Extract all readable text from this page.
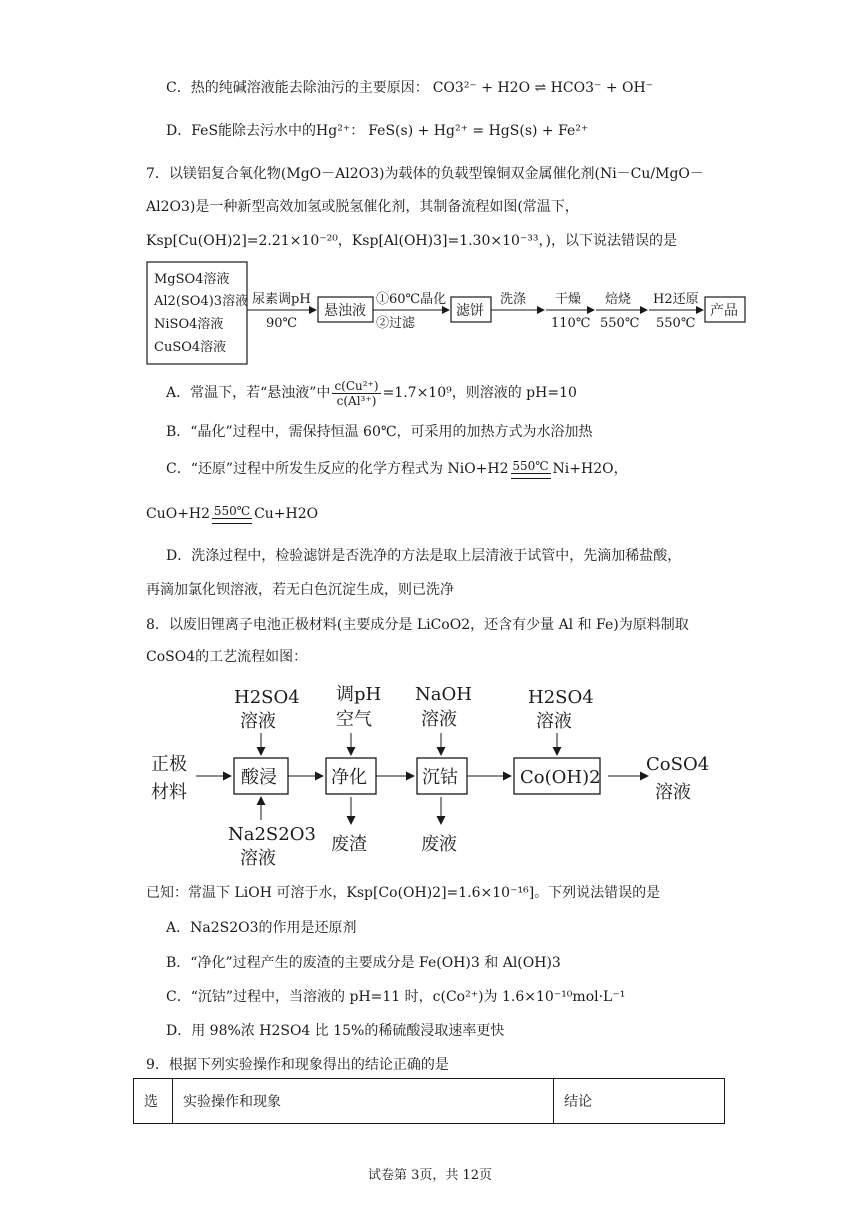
C．热的纯碱溶液能去除油污的主要原因： CO3²⁻ + H2O ⇌ HCO3⁻ + OH⁻
D．FeS能除去污水中的Hg²⁺： FeS(s) + Hg²⁺ = HgS(s) + Fe²⁺
7．以镁铝复合氧化物(MgO－Al2O3)为载体的负载型镍铜双金属催化剂(Ni－Cu/MgO－
Al2O3)是一种新型高效加氢或脱氢催化剂，其制备流程如图(常温下，
Ksp[Cu(OH)2]=2.21×10⁻²⁰，Ksp[Al(OH)3]=1.30×10⁻³³，)，以下说法错误的是
MgSO4溶液
Al2(SO4)3溶液
NiSO4溶液
CuSO4溶液
尿素调pH
90℃
悬浊液
①60℃晶化
②过滤
滤饼
洗涤 干燥
110℃
焙烧
550℃
H2还原
550℃
产品
A．常温下，若“悬浊液”中 $\frac{\text{c(Cu²⁺)}}{\text{c(Al³⁺)}} =1.7\times 10^9$，则溶液的 pH=10
B．“晶化”过程中，需保持恒温 60℃，可采用的加热方式为水浴加热
C．“还原”过程中所发生反应的化学方程式为 NiO+H2 550℃ Ni+H2O，
CuO+H2 550℃ Cu+H2O
D．洗涤过程中，检验滤饼是否洗净的方法是取上层清液于试管中，先滴加稀盐酸，
再滴加氯化钡溶液，若无白色沉淀生成，则已洗净
8．以废旧锂离子电池正极材料(主要成分是 LiCoO2，还含有少量 Al 和 Fe)为原料制取
CoSO4的工艺流程如图：
正极
材料
酸浸	净化	沉钴	Co(OH)2
CoSO4
溶液
H2SO4
溶液
调pH
空气
NaOH
溶液
H2SO4
溶液
Na2S2O3
溶液
废渣	废液
已知：常温下 LiOH 可溶于水，Ksp[Co(OH)2]=1.6×10⁻¹⁶]。下列说法错误的是
A．Na2S2O3的作用是还原剂
B．“净化”过程产生的废渣的主要成分是 Fe(OH)3 和 Al(OH)3
C．“沉钴”过程中，当溶液的 pH=11 时，c(Co²⁺)为 1.6×10⁻¹⁰mol·L⁻¹
D．用 98%浓 H2SO4 比 15%的稀硫酸浸取速率更快
9．根据下列实验操作和现象得出的结论正确的是
选	实验操作和现象	结论
试卷第 3页，共 12页
